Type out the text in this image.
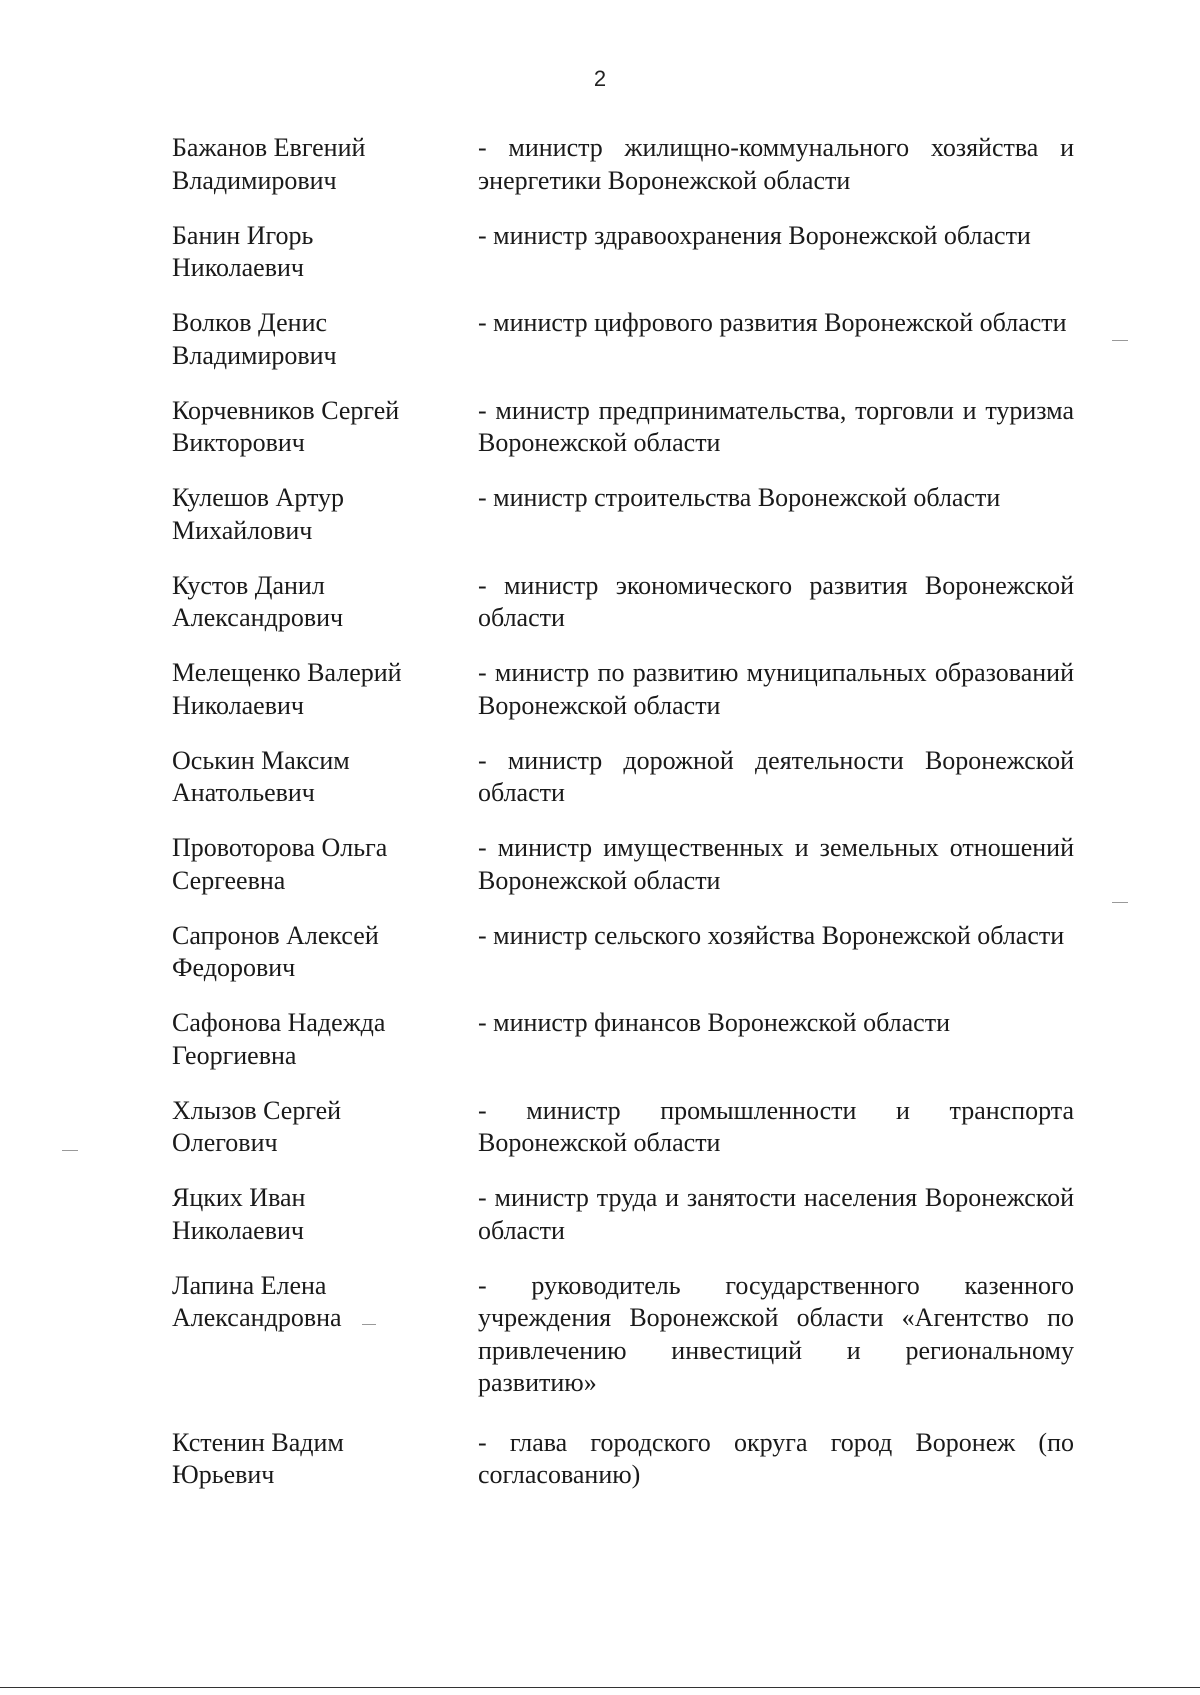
2
Бажанов Евгений
Владимирович
- министр жилищно-коммунального хозяйства и энергетики Воронежской области
Банин Игорь
Николаевич
- министр здравоохранения Воронежской области
Волков Денис
Владимирович
- министр цифрового развития Воронежской области
Корчевников Сергей
Викторович
- министр предпринимательства, торговли и туризма Воронежской области
Кулешов Артур
Михайлович
- министр строительства Воронежской области
Кустов Данил
Александрович
- министр экономического развития Воронежской области
Мелещенко Валерий
Николаевич
- министр по развитию муниципальных образований Воронежской области
Оськин Максим
Анатольевич
- министр дорожной деятельности Воронежской области
Провоторова Ольга
Сергеевна
- министр имущественных и земельных отношений Воронежской области
Сапронов Алексей
Федорович
- министр сельского хозяйства Воронежской области
Сафонова Надежда
Георгиевна
- министр финансов Воронежской области
Хлызов Сергей
Олегович
- министр промышленности и транспорта Воронежской области
Яцких Иван
Николаевич
- министр труда и занятости населения Воронежской области
Лапина Елена
Александровна
- руководитель государственного казенного учреждения Воронежской области «Агентство по привлечению инвестиций и региональному развитию»
Кстенин Вадим
Юрьевич
- глава городского округа город Воронеж (по согласованию)
